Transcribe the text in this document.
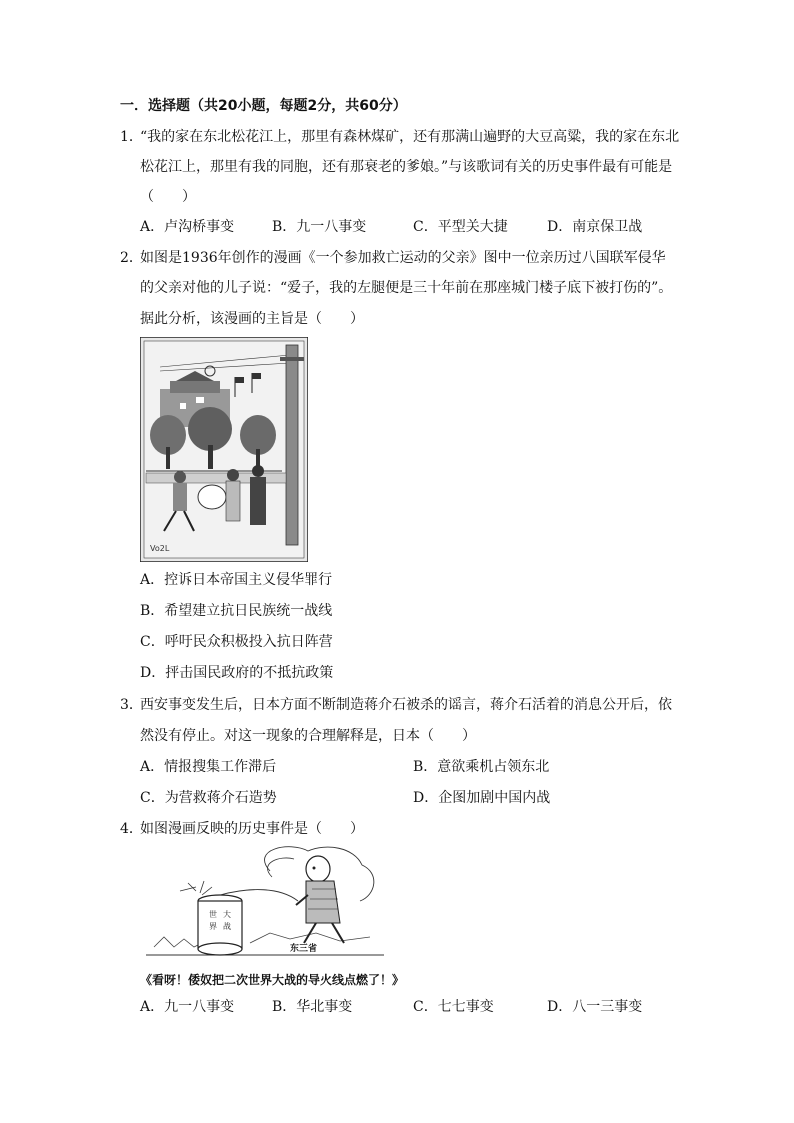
一．选择题（共20小题，每题2分，共60分）
1．
“我的家在东北松花江上，那里有森林煤矿，还有那满山遍野的大豆高粱，我的家在东北
松花江上，那里有我的同胞，还有那衰老的爹娘。”与该歌词有关的历史事件最有可能是
（　　）
A．卢沟桥事变	B．九一八事变	C．平型关大捷	D．南京保卫战
2．
如图是1936年创作的漫画《一个参加救亡运动的父亲》图中一位亲历过八国联军侵华
的父亲对他的儿子说：“爱子，我的左腿便是三十年前在那座城门楼子底下被打伤的”。
据此分析，该漫画的主旨是（　　）
Vo2L
A．控诉日本帝国主义侵华罪行
B．希望建立抗日民族统一战线
C．呼吁民众积极投入抗日阵营
D．抨击国民政府的不抵抗政策
3．
西安事变发生后，日本方面不断制造蒋介石被杀的谣言，蒋介石活着的消息公开后，依
然没有停止。对这一现象的合理解释是，日本（　　）
A．情报搜集工作滞后	B．意欲乘机占领东北
C．为营救蒋介石造势	D．企图加剧中国内战
4．
如图漫画反映的历史事件是（　　）
世
界
大
战
东三省
《看呀！倭奴把二次世界大战的导火线点燃了！》
A．九一八事变	B．华北事变	C．七七事变	D．八一三事变
